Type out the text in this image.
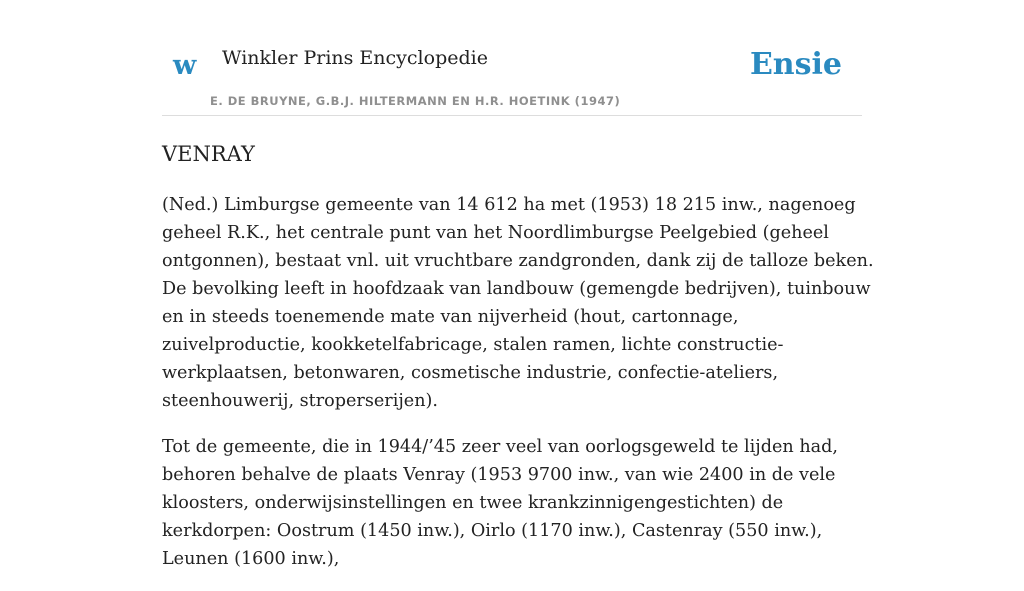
w Winkler Prins Encyclopedie
E. DE BRUYNE, G.B.J. HILTERMANN EN H.R. HOETINK (1947)
Ensie
VENRAY

(Ned.) Limburgse gemeente van 14 612 ha met (1953) 18 215 inw., nagenoeg geheel R.K., het centrale punt van het Noordlimburgse Peelgebied (geheel ontgonnen), bestaat vnl. uit vruchtbare zandgronden, dank zij de talloze beken. De bevolking leeft in hoofdzaak van landbouw (gemengde bedrijven), tuinbouw en in steeds toenemende mate van nijverheid (hout, cartonnage, zuivelproductie, kookketelfabricage, stalen ramen, lichte constructie-werkplaatsen, betonwaren, cosmetische industrie, confectie-ateliers, steenhouwerij, stroperserijen).

Tot de gemeente, die in 1944/’45 zeer veel van oorlogsgeweld te lijden had, behoren behalve de plaats Venray (1953 9700 inw., van wie 2400 in de vele kloosters, onderwijsinstellingen en twee krankzinnigengestichten) de kerkdorpen: Oostrum (1450 inw.), Oirlo (1170 inw.), Castenray (550 inw.), Leunen (1600 inw.),
